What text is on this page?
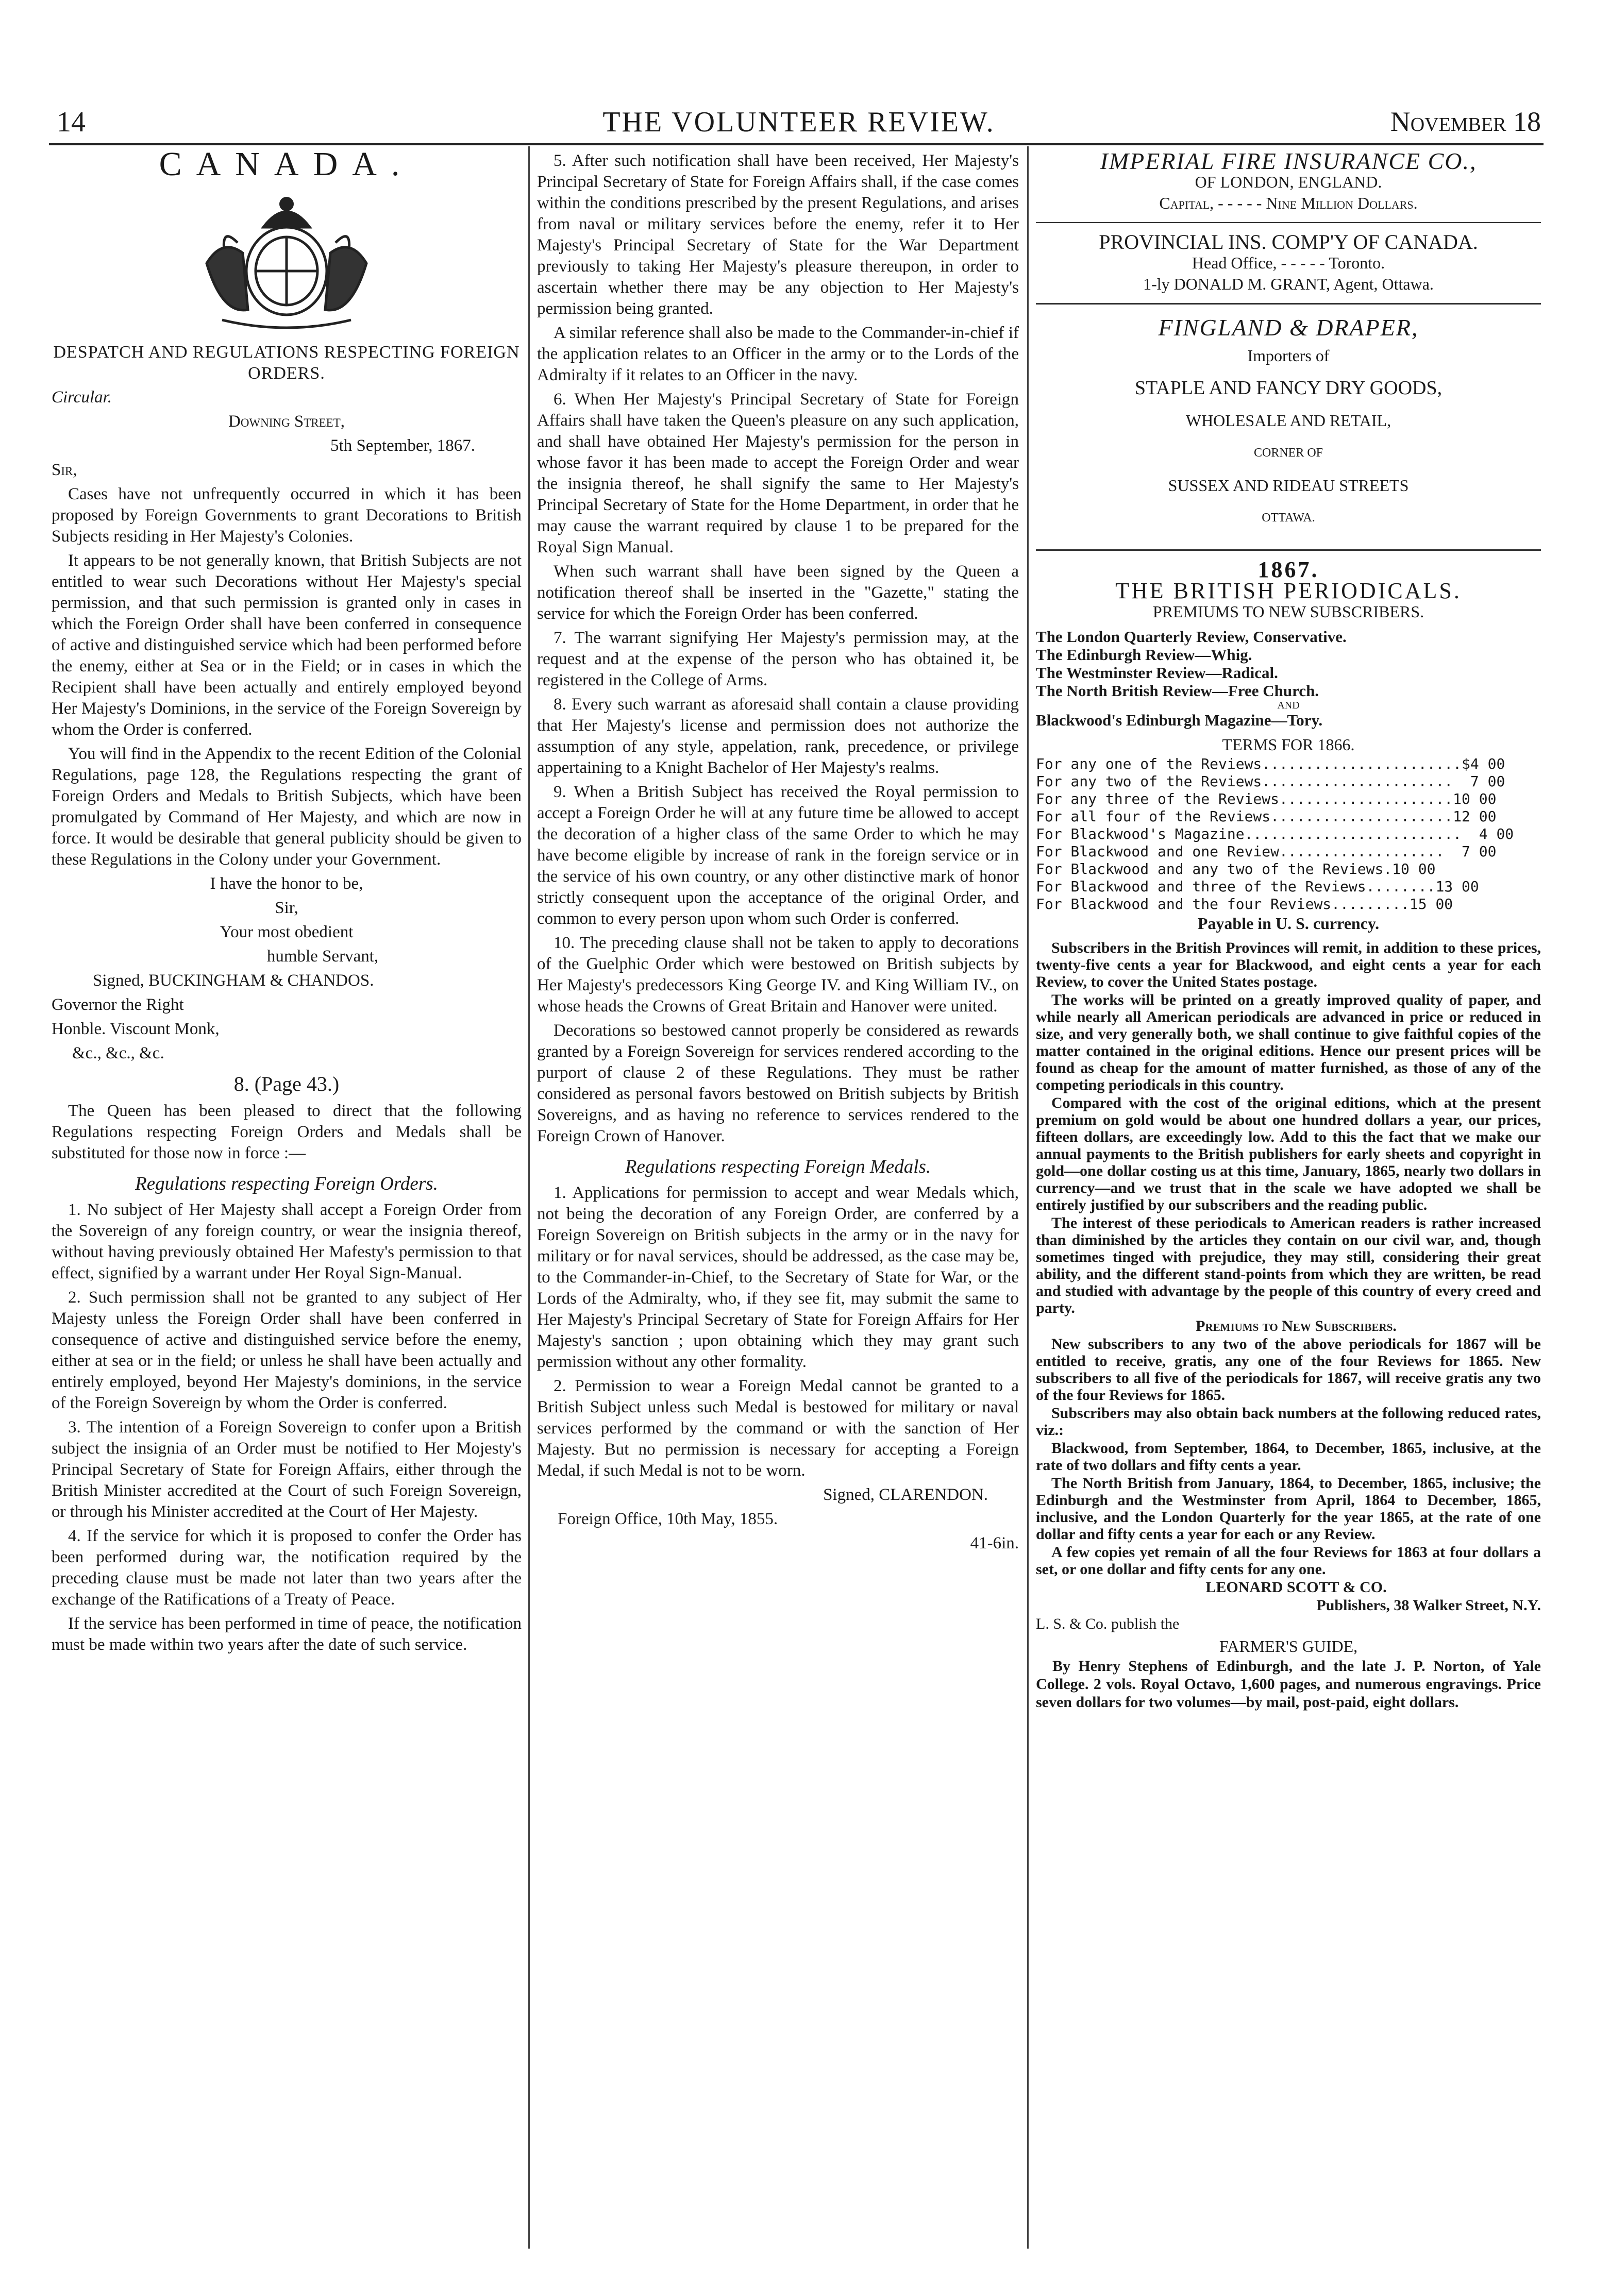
14	THE VOLUNTEER REVIEW.	November 18
CANADA.

DESPATCH AND REGULATIONS RESPECTING FOREIGN ORDERS.

Circular.

Downing Street,

5th September, 1867.

Sir,

Cases have not unfrequently occurred in which it has been proposed by Foreign Governments to grant Decorations to British Subjects residing in Her Majesty's Colonies.

It appears to be not generally known, that British Subjects are not entitled to wear such Decorations without Her Majesty's special permission, and that such permission is granted only in cases in which the Foreign Order shall have been conferred in consequence of active and distinguished service which had been performed before the enemy, either at Sea or in the Field; or in cases in which the Recipient shall have been actually and entirely employed beyond Her Majesty's Dominions, in the service of the Foreign Sovereign by whom the Order is conferred.

You will find in the Appendix to the recent Edition of the Colonial Regulations, page 128, the Regulations respecting the grant of Foreign Orders and Medals to British Subjects, which have been promulgated by Command of Her Majesty, and which are now in force. It would be desirable that general publicity should be given to these Regulations in the Colony under your Government.

I have the honor to be,

Sir,

Your most obedient

humble Servant,

Signed, BUCKINGHAM & CHANDOS.

Governor the Right

Honble. Viscount Monk,

&c., &c., &c.

8. (Page 43.)

The Queen has been pleased to direct that the following Regulations respecting Foreign Orders and Medals shall be substituted for those now in force :—

Regulations respecting Foreign Orders.

1. No subject of Her Majesty shall accept a Foreign Order from the Sovereign of any foreign country, or wear the insignia thereof, without having previously obtained Her Mafesty's permission to that effect, signified by a warrant under Her Royal Sign-Manual.

2. Such permission shall not be granted to any subject of Her Majesty unless the Foreign Order shall have been conferred in consequence of active and distinguished service before the enemy, either at sea or in the field; or unless he shall have been actually and entirely employed, beyond Her Majesty's dominions, in the service of the Foreign Sovereign by whom the Order is conferred.

3. The intention of a Foreign Sovereign to confer upon a British subject the insignia of an Order must be notified to Her Mojesty's Principal Secretary of State for Foreign Affairs, either through the British Minister accredited at the Court of such Foreign Sovereign, or through his Minister accredited at the Court of Her Majesty.

4. If the service for which it is proposed to confer the Order has been performed during war, the notification required by the preceding clause must be made not later than two years after the exchange of the Ratifications of a Treaty of Peace.

If the service has been performed in time of peace, the notification must be made within two years after the date of such service.

5. After such notification shall have been received, Her Majesty's Principal Secretary of State for Foreign Affairs shall, if the case comes within the conditions prescribed by the present Regulations, and arises from naval or military services before the enemy, refer it to Her Majesty's Principal Secretary of State for the War Department previously to taking Her Majesty's pleasure thereupon, in order to ascertain whether there may be any objection to Her Majesty's permission being granted.

A similar reference shall also be made to the Commander-in-chief if the application relates to an Officer in the army or to the Lords of the Admiralty if it relates to an Officer in the navy.

6. When Her Majesty's Principal Secretary of State for Foreign Affairs shall have taken the Queen's pleasure on any such application, and shall have obtained Her Majesty's permission for the person in whose favor it has been made to accept the Foreign Order and wear the insignia thereof, he shall signify the same to Her Majesty's Principal Secretary of State for the Home Department, in order that he may cause the warrant required by clause 1 to be prepared for the Royal Sign Manual.

When such warrant shall have been signed by the Queen a notification thereof shall be inserted in the "Gazette," stating the service for which the Foreign Order has been conferred.

7. The warrant signifying Her Majesty's permission may, at the request and at the expense of the person who has obtained it, be registered in the College of Arms.

8. Every such warrant as aforesaid shall contain a clause providing that Her Majesty's license and permission does not authorize the assumption of any style, appelation, rank, precedence, or privilege appertaining to a Knight Bachelor of Her Majesty's realms.

9. When a British Subject has received the Royal permission to accept a Foreign Order he will at any future time be allowed to accept the decoration of a higher class of the same Order to which he may have become eligible by increase of rank in the foreign service or in the service of his own country, or any other distinctive mark of honor strictly consequent upon the acceptance of the original Order, and common to every person upon whom such Order is conferred.

10. The preceding clause shall not be taken to apply to decorations of the Guelphic Order which were bestowed on British subjects by Her Majesty's predecessors King George IV. and King William IV., on whose heads the Crowns of Great Britain and Hanover were united.

Decorations so bestowed cannot properly be considered as rewards granted by a Foreign Sovereign for services rendered according to the purport of clause 2 of these Regulations. They must be rather considered as personal favors bestowed on British subjects by British Sovereigns, and as having no reference to services rendered to the Foreign Crown of Hanover.

Regulations respecting Foreign Medals.

1. Applications for permission to accept and wear Medals which, not being the decoration of any Foreign Order, are conferred by a Foreign Sovereign on British subjects in the army or in the navy for military or for naval services, should be addressed, as the case may be, to the Commander-in-Chief, to the Secretary of State for War, or the Lords of the Admiralty, who, if they see fit, may submit the same to Her Majesty's Principal Secretary of State for Foreign Affairs for Her Majesty's sanction ; upon obtaining which they may grant such permission without any other formality.

2. Permission to wear a Foreign Medal cannot be granted to a British Subject unless such Medal is bestowed for military or naval services performed by the command or with the sanction of Her Majesty. But no permission is necessary for accepting a Foreign Medal, if such Medal is not to be worn.

Signed, CLARENDON.

Foreign Office, 10th May, 1855.

41-6in.

IMPERIAL FIRE INSURANCE CO.,

OF LONDON, ENGLAND.

Capital, - - - - - Nine Million Dollars.

PROVINCIAL INS. COMP'Y OF CANADA.

Head Office, - - - - - Toronto.

1-ly DONALD M. GRANT, Agent, Ottawa.

FINGLAND & DRAPER,

Importers of

STAPLE AND FANCY DRY GOODS,

WHOLESALE AND RETAIL,

CORNER OF

SUSSEX AND RIDEAU STREETS

OTTAWA.

1867.

THE BRITISH PERIODICALS.

PREMIUMS TO NEW SUBSCRIBERS.

The London Quarterly Review, Conservative.

The Edinburgh Review—Whig.

The Westminster Review—Radical.

The North British Review—Free Church.

AND

Blackwood's Edinburgh Magazine—Tory.

TERMS FOR 1866.

For any one of the Reviews.......................$4 00

For any two of the Reviews......................  7 00

For any three of the Reviews....................10 00

For all four of the Reviews.....................12 00

For Blackwood's Magazine.........................  4 00

For Blackwood and one Review...................  7 00

For Blackwood and any two of the Reviews.10 00

For Blackwood and three of the Reviews........13 00

For Blackwood and the four Reviews.........15 00

Payable in U. S. currency.

Subscribers in the British Provinces will remit, in addition to these prices, twenty-five cents a year for Blackwood, and eight cents a year for each Review, to cover the United States postage.

The works will be printed on a greatly improved quality of paper, and while nearly all American periodicals are advanced in price or reduced in size, and very generally both, we shall continue to give faithful copies of the matter contained in the original editions. Hence our present prices will be found as cheap for the amount of matter furnished, as those of any of the competing periodicals in this country.

Compared with the cost of the original editions, which at the present premium on gold would be about one hundred dollars a year, our prices, fifteen dollars, are exceedingly low. Add to this the fact that we make our annual payments to the British publishers for early sheets and copyright in gold—one dollar costing us at this time, January, 1865, nearly two dollars in currency—and we trust that in the scale we have adopted we shall be entirely justified by our subscribers and the reading public.

The interest of these periodicals to American readers is rather increased than diminished by the articles they contain on our civil war, and, though sometimes tinged with prejudice, they may still, considering their great ability, and the different stand-points from which they are written, be read and studied with advantage by the people of this country of every creed and party.

Premiums to New Subscribers.

New subscribers to any two of the above periodicals for 1867 will be entitled to receive, gratis, any one of the four Reviews for 1865. New subscribers to all five of the periodicals for 1867, will receive gratis any two of the four Reviews for 1865.

Subscribers may also obtain back numbers at the following reduced rates, viz.:

Blackwood, from September, 1864, to December, 1865, inclusive, at the rate of two dollars and fifty cents a year.

The North British from January, 1864, to December, 1865, inclusive; the Edinburgh and the Westminster from April, 1864 to December, 1865, inclusive, and the London Quarterly for the year 1865, at the rate of one dollar and fifty cents a year for each or any Review.

A few copies yet remain of all the four Reviews for 1863 at four dollars a set, or one dollar and fifty cents for any one.

LEONARD SCOTT & CO.

Publishers, 38 Walker Street, N.Y.

L. S. & Co. publish the

FARMER'S GUIDE,

By Henry Stephens of Edinburgh, and the late J. P. Norton, of Yale College. 2 vols. Royal Octavo, 1,600 pages, and numerous engravings. Price seven dollars for two volumes—by mail, post-paid, eight dollars.
